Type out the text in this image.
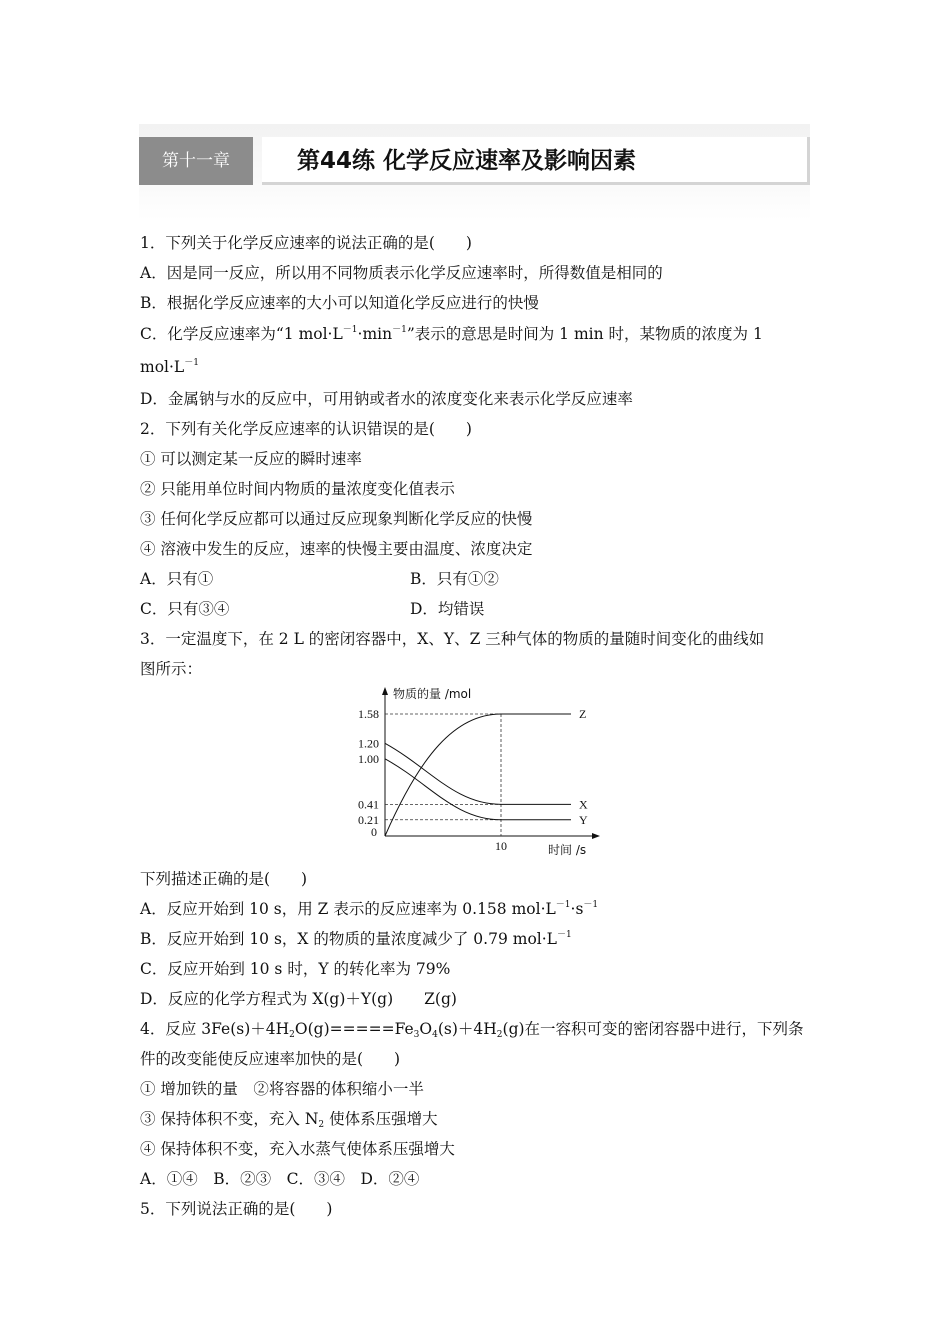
第十一章	第44练 化学反应速率及影响因素
1．下列关于化学反应速率的说法正确的是(　　)
A．因是同一反应，所以用不同物质表示化学反应速率时，所得数值是相同的
B．根据化学反应速率的大小可以知道化学反应进行的快慢
C．化学反应速率为“1 $mol\cdot L^{-1}\cdot\min^{-1}$”表示的意思是时间为 1 min 时，某物质的浓度为 1
$mol\cdot L^{-1}$
D．金属钠与水的反应中，可用钠或者水的浓度变化来表示化学反应速率
2．下列有关化学反应速率的认识错误的是(　　)
① 可以测定某一反应的瞬时速率
② 只能用单位时间内物质的量浓度变化值表示
③ 任何化学反应都可以通过反应现象判断化学反应的快慢
④ 溶液中发生的反应，速率的快慢主要由温度、浓度决定
A．只有①	B．只有①②
C．只有③④	D．均错误
3．一定温度下，在 2 L 的密闭容器中，X、Y、Z 三种气体的物质的量随时间变化的曲线如
图所示：
物质的量 /mol
时间 /s
0
10
1.58
1.20
1.00
0.41
0.21
Z
X
Y
下列描述正确的是(　　)
A．反应开始到 10 s，用 Z 表示的反应速率为 0.158 $mol\cdot L^{-1}\cdot s^{-1}$
B．反应开始到 10 s，X 的物质的量浓度减少了 0.79 $mol\cdot L^{-1}$
C．反应开始到 10 s 时，Y 的转化率为 79%
D．反应的化学方程式为 X(g)＋Y(g)　　Z(g)
4．反应 $3Fe(s)+4H_2O(g)=====Fe_3O_4(s)+4H_2(g)$在一容积可变的密闭容器中进行，下列条
件的改变能使反应速率加快的是(　　)
① 增加铁的量　②将容器的体积缩小一半
③ 保持体积不变，充入 $N_2$ 使体系压强增大
④ 保持体积不变，充入水蒸气使体系压强增大
A．①④　B．②③　C．③④　D．②④
5．下列说法正确的是(　　)
